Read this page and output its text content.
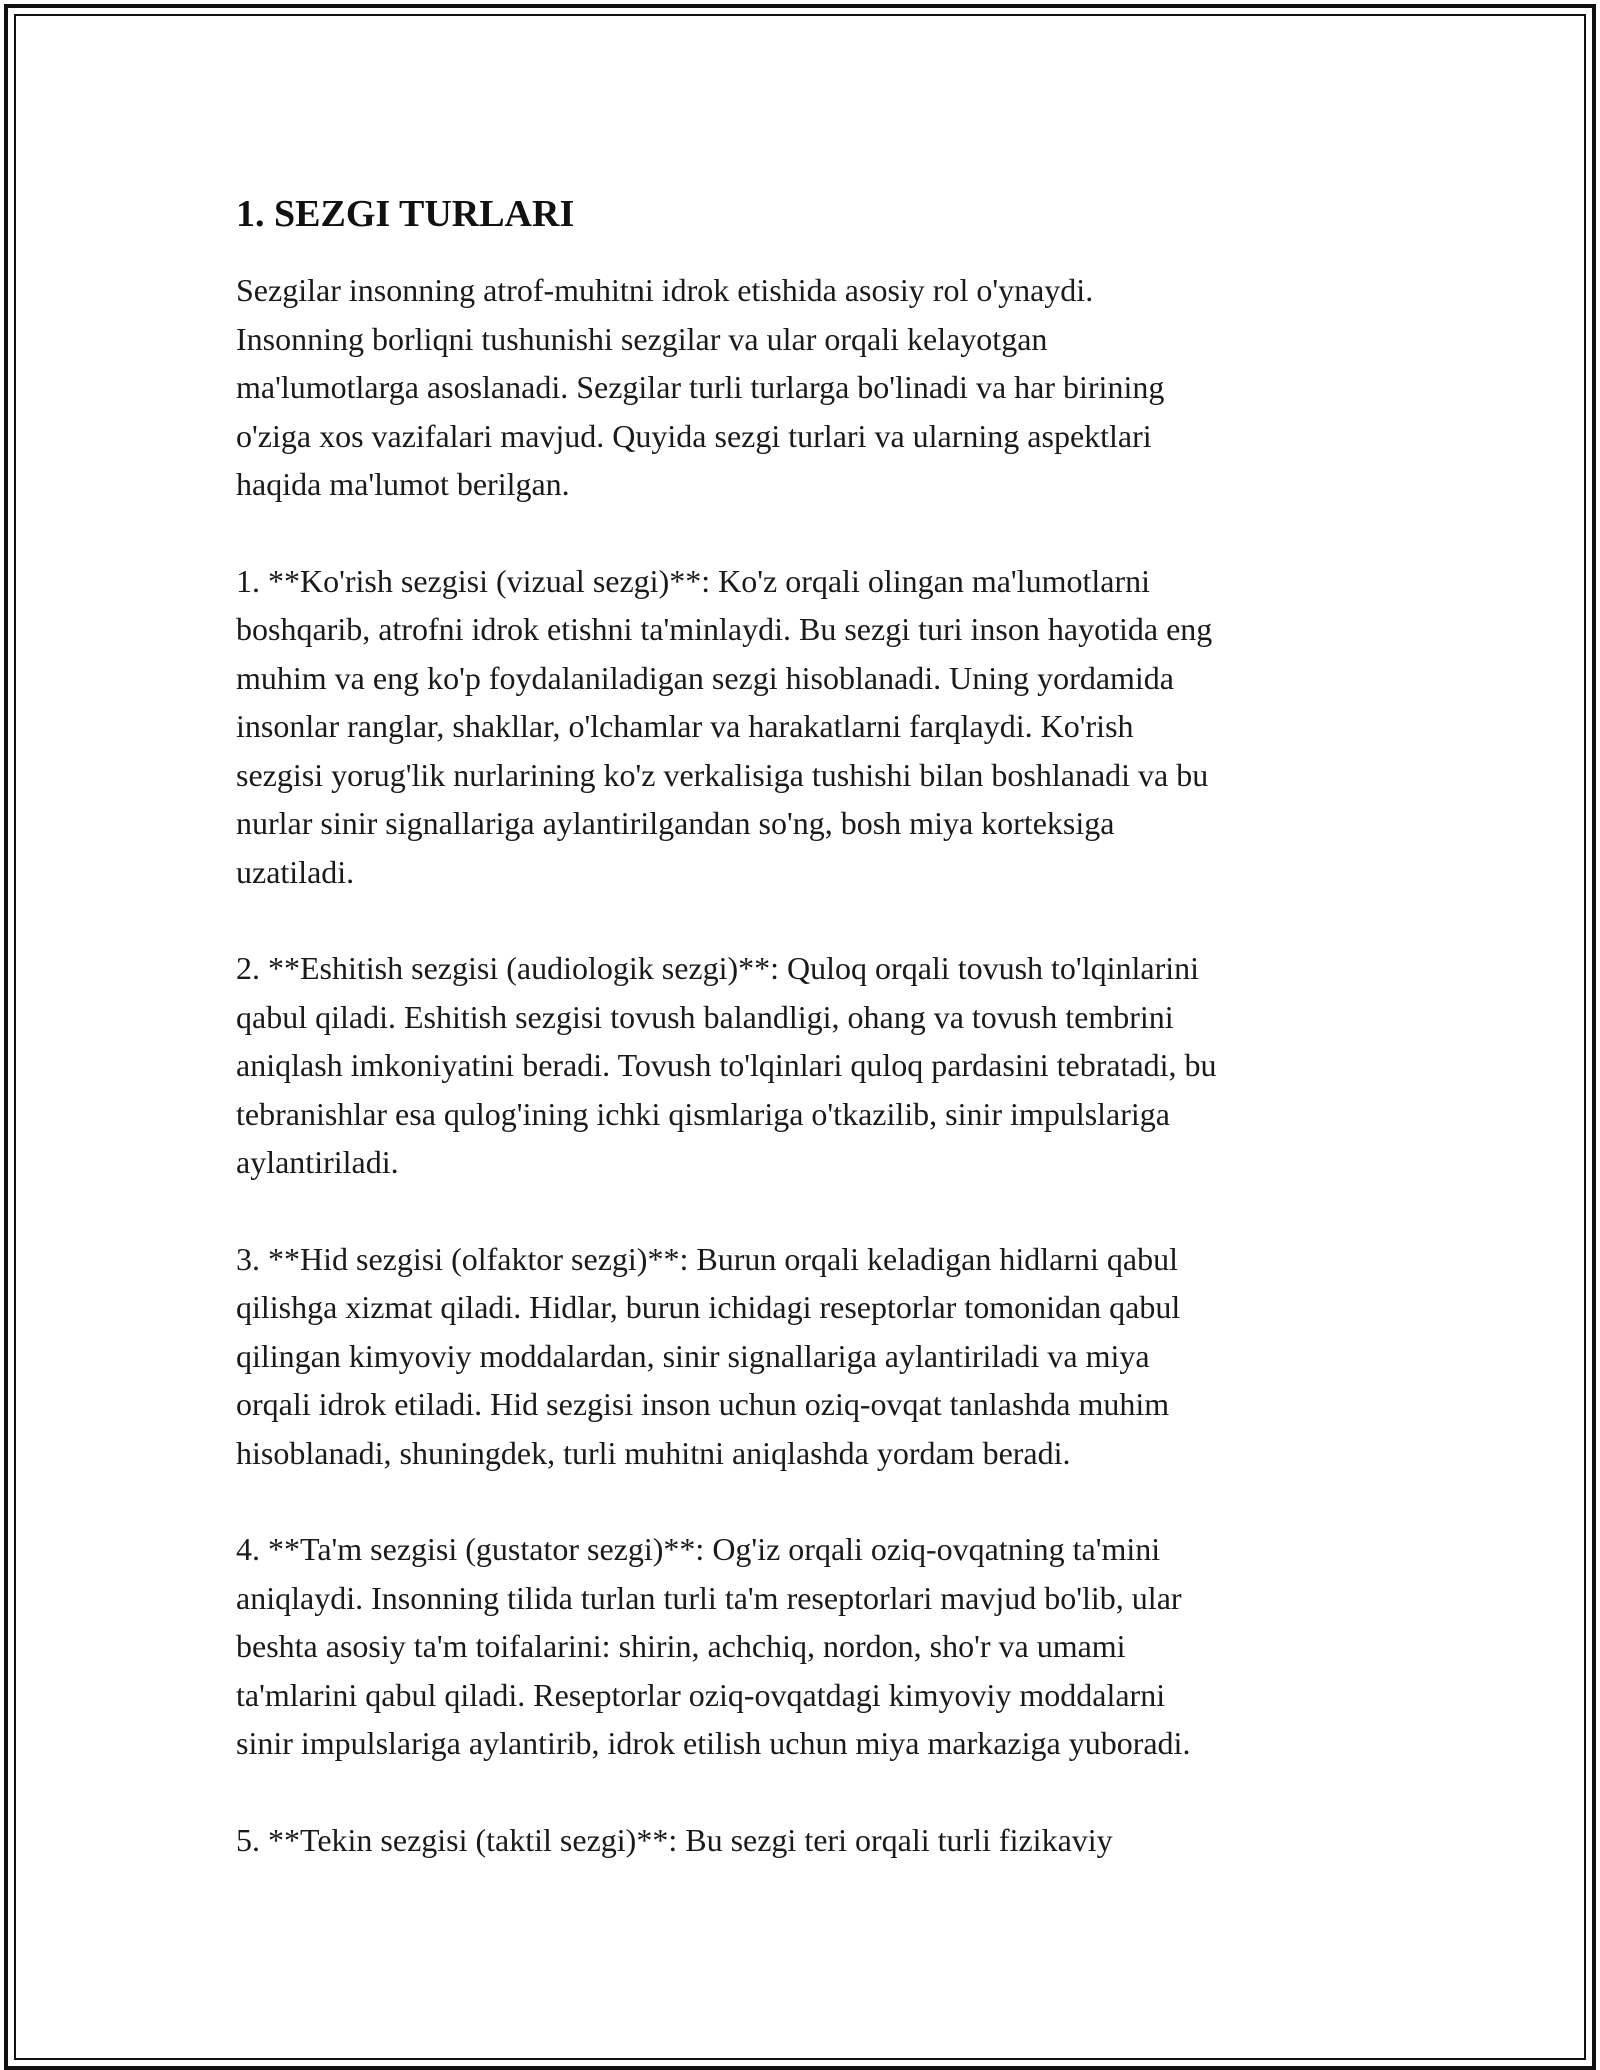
1. SEZGI TURLARI

Sezgilar insonning atrof-muhitni idrok etishida asosiy rol o'ynaydi.
Insonning borliqni tushunishi sezgilar va ular orqali kelayotgan
ma'lumotlarga asoslanadi. Sezgilar turli turlarga bo'linadi va har birining
o'ziga xos vazifalari mavjud. Quyida sezgi turlari va ularning aspektlari
haqida ma'lumot berilgan.

1. **Ko'rish sezgisi (vizual sezgi)**: Ko'z orqali olingan ma'lumotlarni
boshqarib, atrofni idrok etishni ta'minlaydi. Bu sezgi turi inson hayotida eng
muhim va eng ko'p foydalaniladigan sezgi hisoblanadi. Uning yordamida
insonlar ranglar, shakllar, o'lchamlar va harakatlarni farqlaydi. Ko'rish
sezgisi yorug'lik nurlarining ko'z verkalisiga tushishi bilan boshlanadi va bu
nurlar sinir signallariga aylantirilgandan so'ng, bosh miya korteksiga
uzatiladi.

2. **Eshitish sezgisi (audiologik sezgi)**: Quloq orqali tovush to'lqinlarini
qabul qiladi. Eshitish sezgisi tovush balandligi, ohang va tovush tembrini
aniqlash imkoniyatini beradi. Tovush to'lqinlari quloq pardasini tebratadi, bu
tebranishlar esa qulog'ining ichki qismlariga o'tkazilib, sinir impulslariga
aylantiriladi.

3. **Hid sezgisi (olfaktor sezgi)**: Burun orqali keladigan hidlarni qabul
qilishga xizmat qiladi. Hidlar, burun ichidagi reseptorlar tomonidan qabul
qilingan kimyoviy moddalardan, sinir signallariga aylantiriladi va miya
orqali idrok etiladi. Hid sezgisi inson uchun oziq-ovqat tanlashda muhim
hisoblanadi, shuningdek, turli muhitni aniqlashda yordam beradi.

4. **Ta'm sezgisi (gustator sezgi)**: Og'iz orqali oziq-ovqatning ta'mini
aniqlaydi. Insonning tilida turlan turli ta'm reseptorlari mavjud bo'lib, ular
beshta asosiy ta'm toifalarini: shirin, achchiq, nordon, sho'r va umami
ta'mlarini qabul qiladi. Reseptorlar oziq-ovqatdagi kimyoviy moddalarni
sinir impulslariga aylantirib, idrok etilish uchun miya markaziga yuboradi.

5. **Tekin sezgisi (taktil sezgi)**: Bu sezgi teri orqali turli fizikaviy
